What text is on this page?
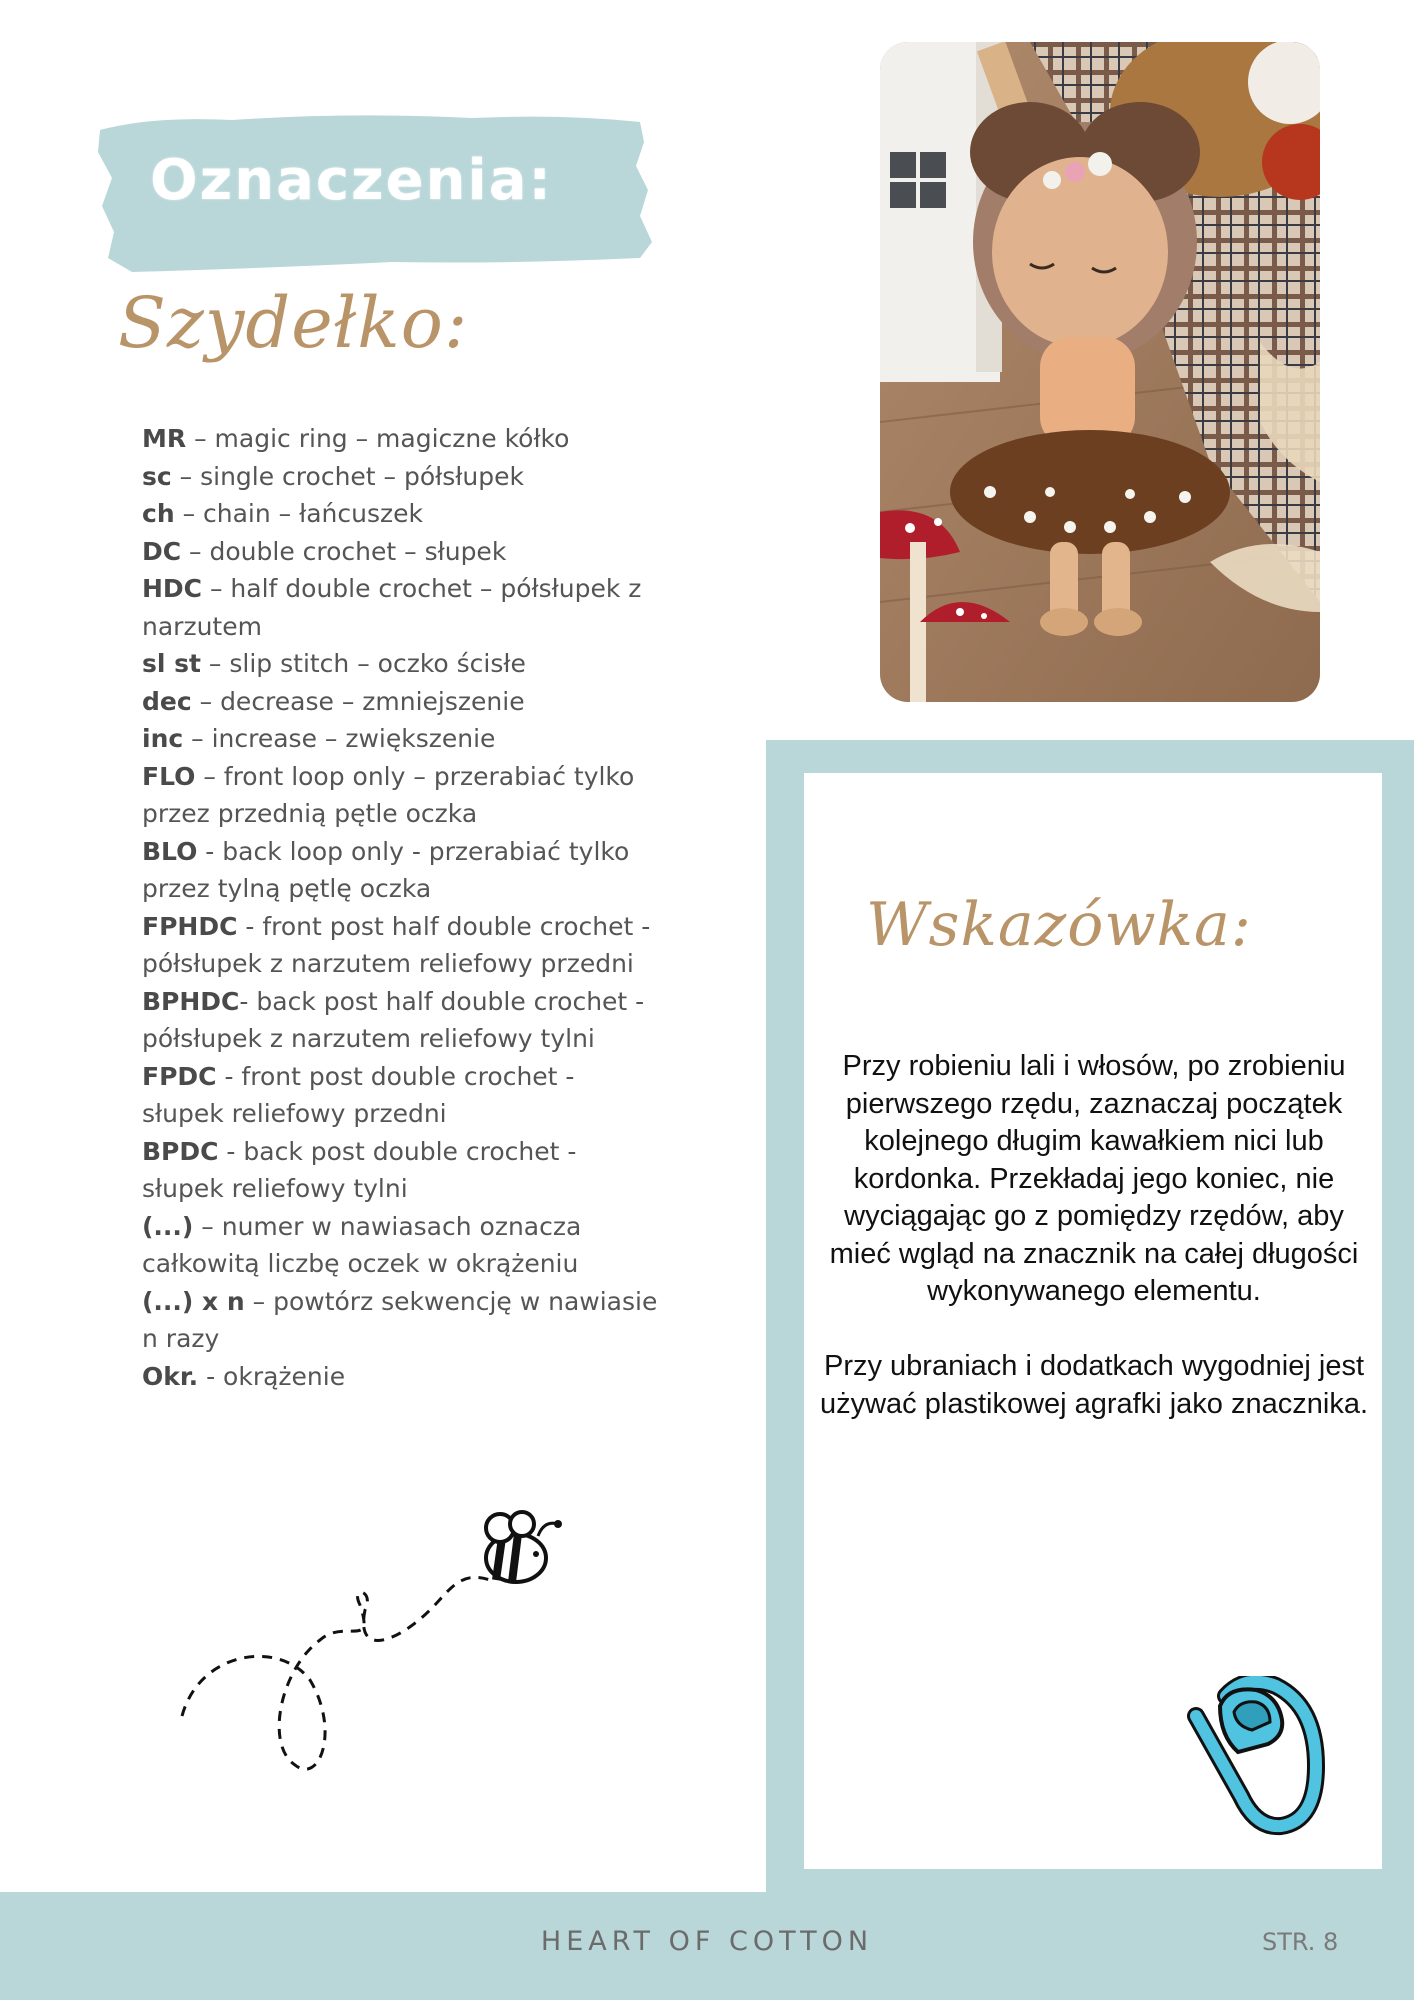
Oznaczenia:
Szydełko:
MR – magic ring – magiczne kółko
sc – single crochet – półsłupek
ch – chain – łańcuszek
DC – double crochet – słupek
HDC – half double crochet – półsłupek z narzutem
sl st – slip stitch – oczko ścisłe
dec – decrease – zmniejszenie
inc – increase – zwiększenie
FLO – front loop only – przerabiać tylko przez przednią pętle oczka
BLO - back loop only - przerabiać tylko przez tylną pętlę oczka
FPHDC - front post half double crochet - półsłupek z narzutem reliefowy przedni
BPHDC- back post half double crochet - półsłupek z narzutem reliefowy tylni
FPDC - front post double crochet - słupek reliefowy przedni
BPDC - back post double crochet - słupek reliefowy tylni
(...) – numer w nawiasach oznacza całkowitą liczbę oczek w okrążeniu
(...) x n – powtórz sekwencję w nawiasie n razy
Okr. - okrążenie
Wskazówka:

Przy robieniu lali i włosów, po zrobieniu pierwszego rzędu, zaznaczaj początek kolejnego długim kawałkiem nici lub kordonka. Przekładaj jego koniec, nie wyciągając go z pomiędzy rzędów, aby mieć wgląd na znacznik na całej długości wykonywanego elementu.

Przy ubraniach i dodatkach wygodniej jest używać plastikowej agrafki jako znacznika.

HEART OF COTTON	STR. 8
